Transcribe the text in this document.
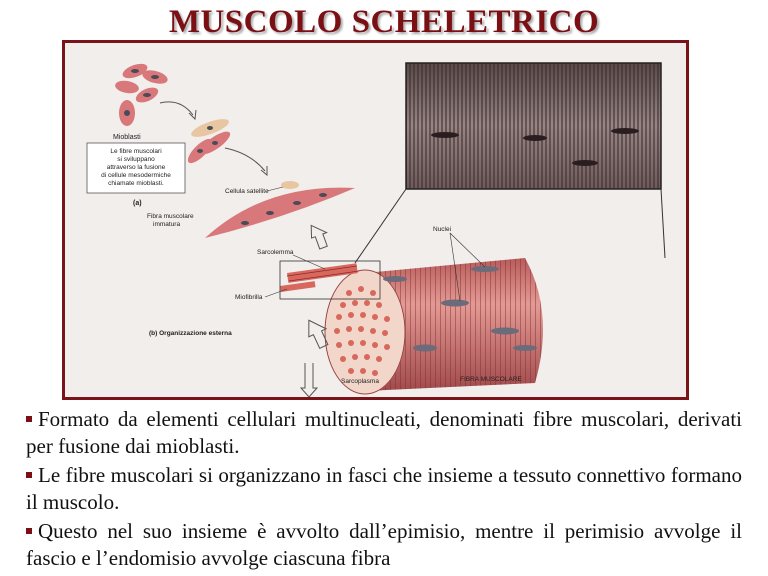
MUSCOLO SCHELETRICO
Mioblasti
Le fibre muscolari
si sviluppano
attraverso la fusione
di cellule mesodermiche
chiamate mioblasti.
(a)
Cellula satellite
Fibra muscolare
immatura
Sarcolemma
Miofibrilla
(b) Organizzazione esterna
Nuclei
Sarcoplasma	FIBRA MUSCOLARE

Formato da elementi cellulari multinucleati, denominati fibre muscolari, derivati per fusione dai mioblasti.

Le fibre muscolari si organizzano in fasci che insieme a tessuto connettivo formano il muscolo.

Questo nel suo insieme è avvolto dall’epimisio, mentre il perimisio avvolge il fascio e l’endomisio avvolge ciascuna fibra
